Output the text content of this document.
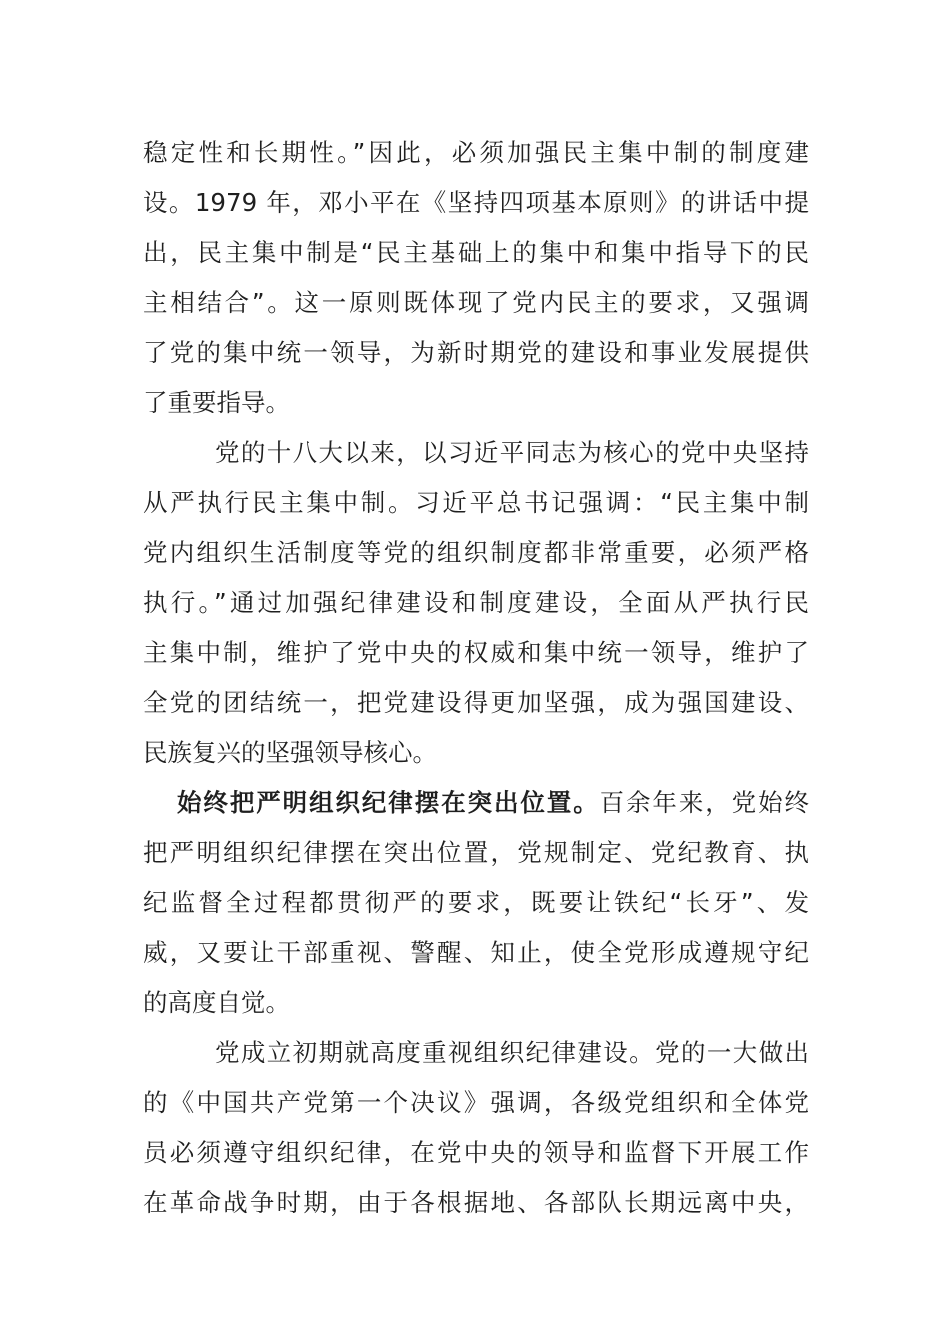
稳定性和长期性。”因此，必须加强民主集中制的制度建
设。1979 年，邓小平在《坚持四项基本原则》的讲话中提
出，民主集中制是“民主基础上的集中和集中指导下的民
主相结合”。这一原则既体现了党内民主的要求，又强调
了党的集中统一领导，为新时期党的建设和事业发展提供
了重要指导。
党的十八大以来，以习近平同志为核心的党中央坚持
从严执行民主集中制。习近平总书记强调：“民主集中制
党内组织生活制度等党的组织制度都非常重要，必须严格
执行。”通过加强纪律建设和制度建设，全面从严执行民
主集中制，维护了党中央的权威和集中统一领导，维护了
全党的团结统一，把党建设得更加坚强，成为强国建设、
民族复兴的坚强领导核心。
始终把严明组织纪律摆在突出位置。百余年来，党始终
把严明组织纪律摆在突出位置，党规制定、党纪教育、执
纪监督全过程都贯彻严的要求，既要让铁纪“长牙”、发
威，又要让干部重视、警醒、知止，使全党形成遵规守纪
的高度自觉。
党成立初期就高度重视组织纪律建设。党的一大做出
的《中国共产党第一个决议》强调，各级党组织和全体党
员必须遵守组织纪律，在党中央的领导和监督下开展工作
在革命战争时期，由于各根据地、各部队长期远离中央，
